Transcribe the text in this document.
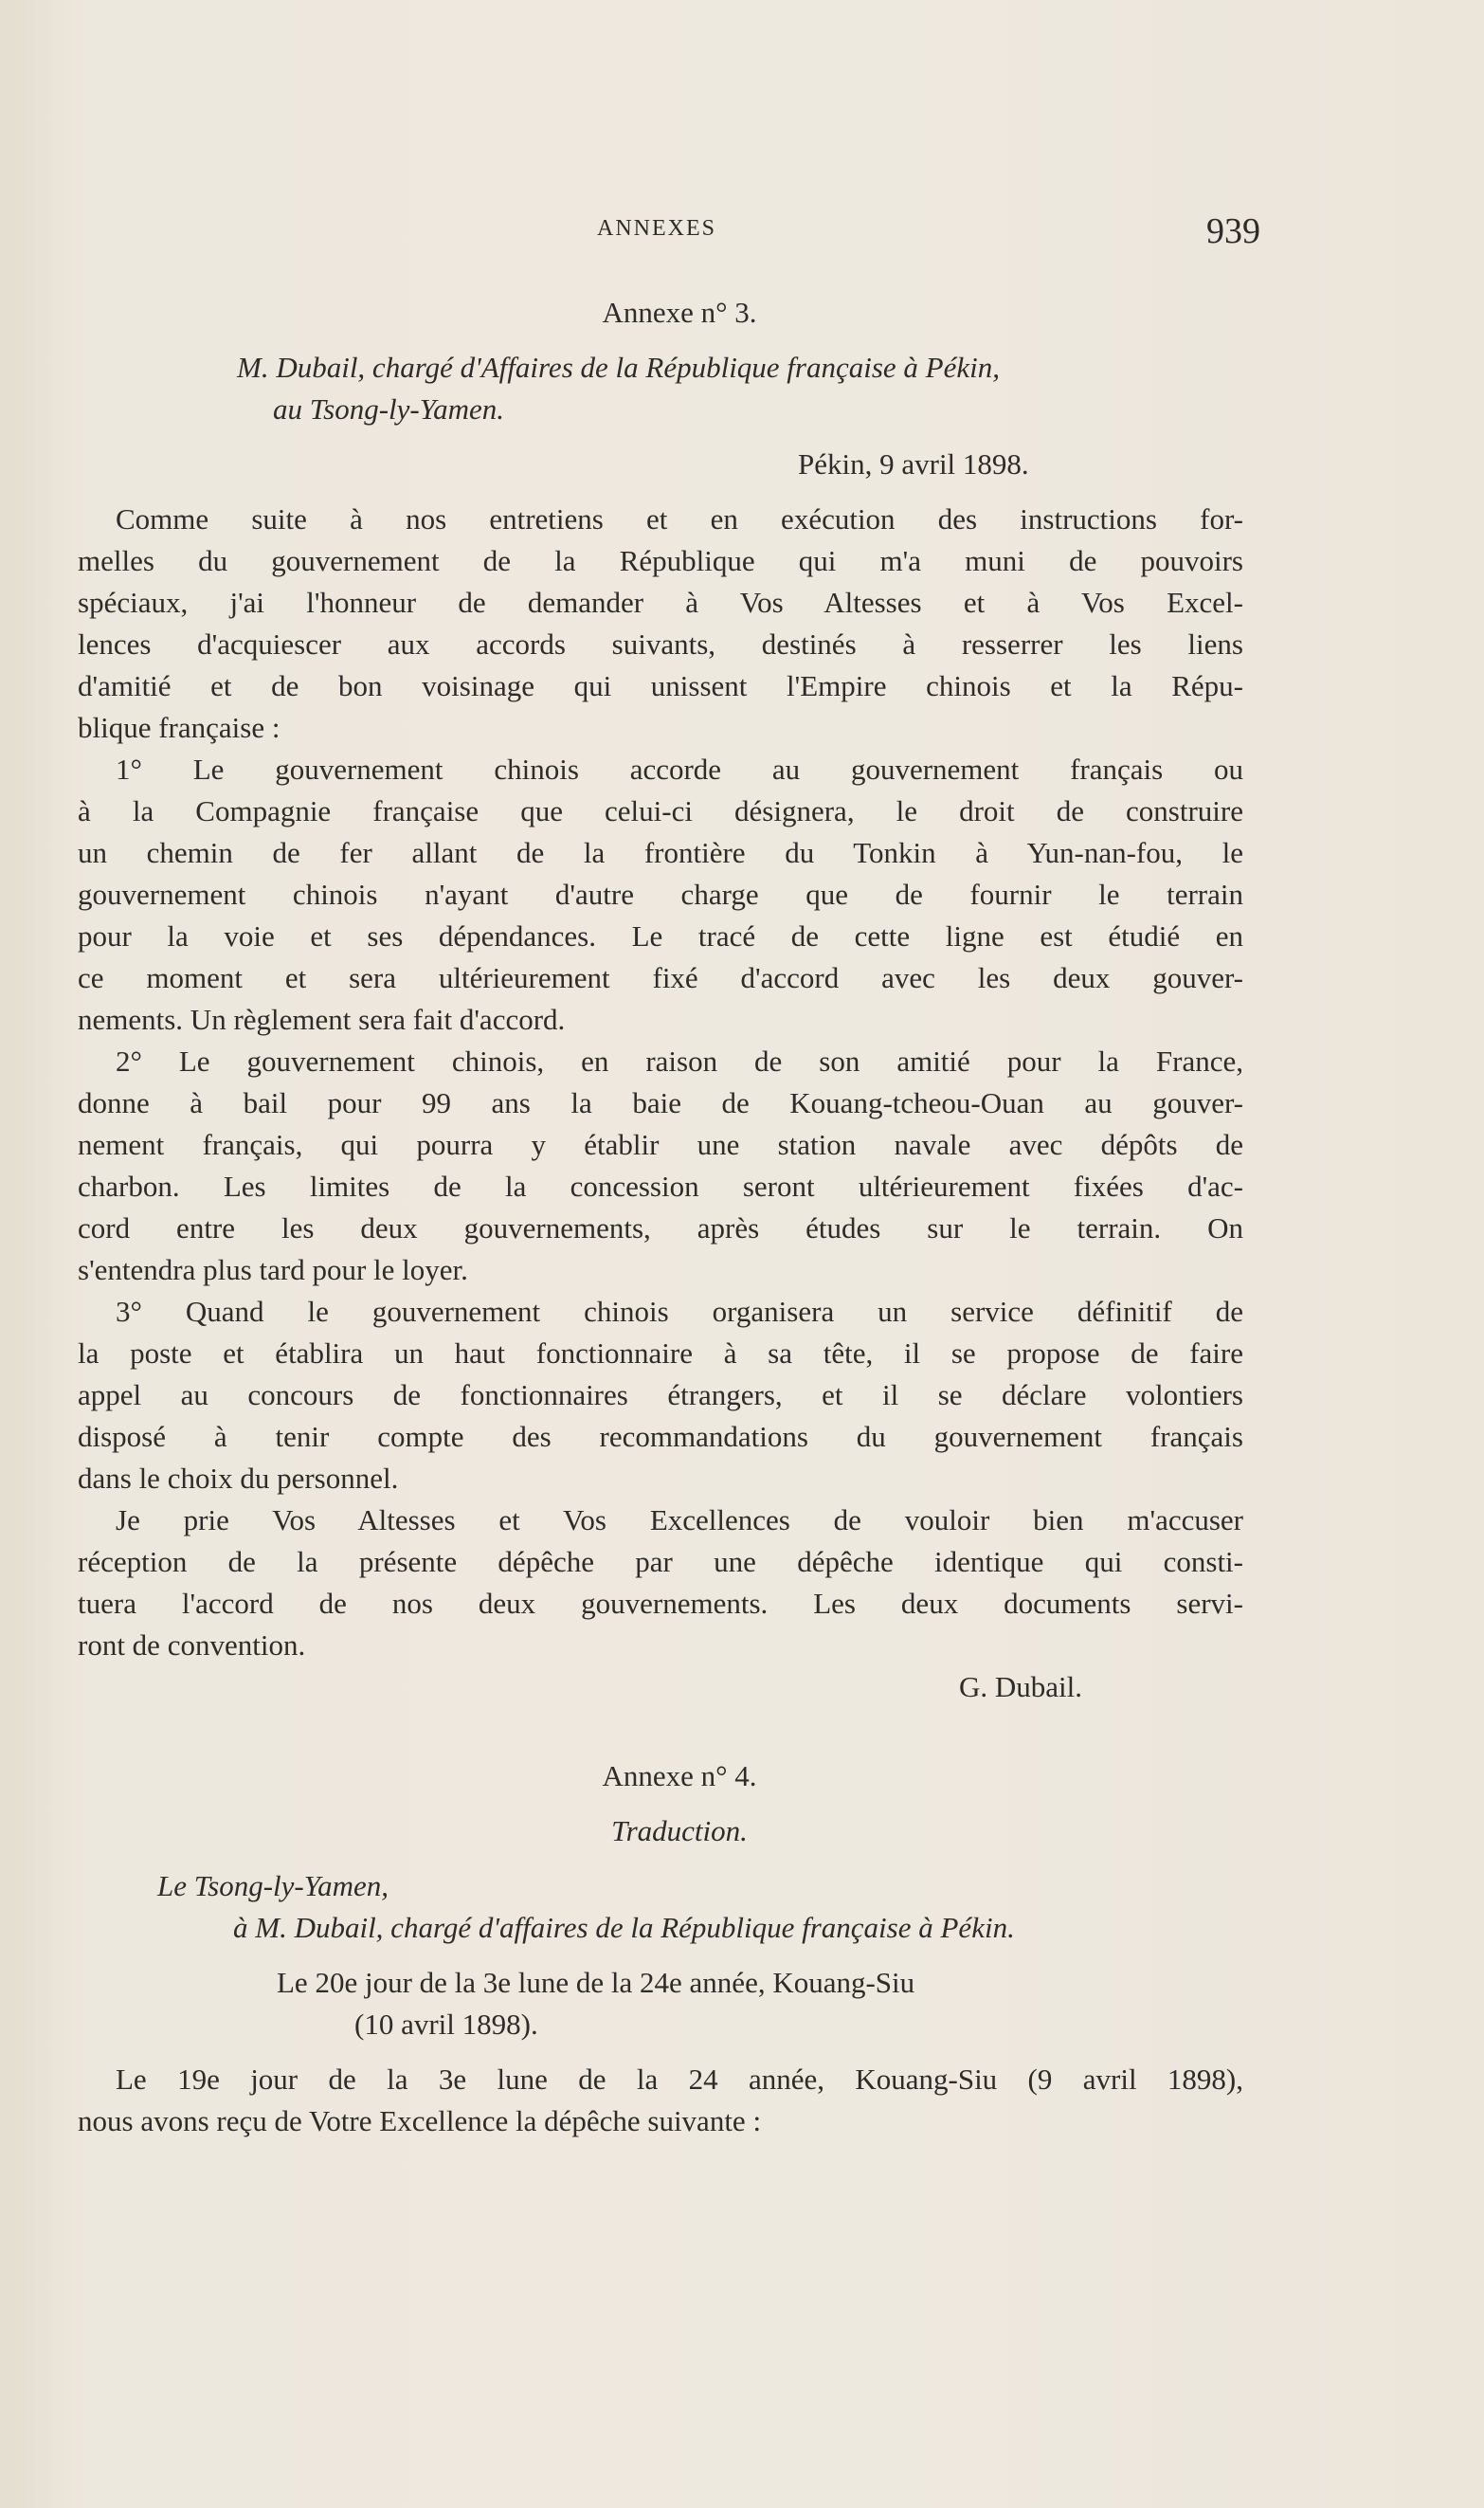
ANNEXES	939
Annexe n° 3.
M. Dubail, chargé d'Affaires de la République française à Pékin,
au Tsong-ly-Yamen.
Pékin, 9 avril 1898.
Comme suite à nos entretiens et en exécution des instructions for-
melles du gouvernement de la République qui m'a muni de pouvoirs
spéciaux, j'ai l'honneur de demander à Vos Altesses et à Vos Excel-
lences d'acquiescer aux accords suivants, destinés à resserrer les liens
d'amitié et de bon voisinage qui unissent l'Empire chinois et la Répu-
blique française :
1° Le gouvernement chinois accorde au gouvernement français ou
à la Compagnie française que celui-ci désignera, le droit de construire
un chemin de fer allant de la frontière du Tonkin à Yun-nan-fou, le
gouvernement chinois n'ayant d'autre charge que de fournir le terrain
pour la voie et ses dépendances. Le tracé de cette ligne est étudié en
ce moment et sera ultérieurement fixé d'accord avec les deux gouver-
nements. Un règlement sera fait d'accord.
2° Le gouvernement chinois, en raison de son amitié pour la France,
donne à bail pour 99 ans la baie de Kouang-tcheou-Ouan au gouver-
nement français, qui pourra y établir une station navale avec dépôts de
charbon. Les limites de la concession seront ultérieurement fixées d'ac-
cord entre les deux gouvernements, après études sur le terrain. On
s'entendra plus tard pour le loyer.
3° Quand le gouvernement chinois organisera un service définitif de
la poste et établira un haut fonctionnaire à sa tête, il se propose de faire
appel au concours de fonctionnaires étrangers, et il se déclare volontiers
disposé à tenir compte des recommandations du gouvernement français
dans le choix du personnel.
Je prie Vos Altesses et Vos Excellences de vouloir bien m'accuser
réception de la présente dépêche par une dépêche identique qui consti-
tuera l'accord de nos deux gouvernements. Les deux documents servi-
ront de convention.
G. Dubail.
Annexe n° 4.
Traduction.
Le Tsong-ly-Yamen,
à M. Dubail, chargé d'affaires de la République française à Pékin.
Le 20e jour de la 3e lune de la 24e année, Kouang-Siu
(10 avril 1898).
Le 19e jour de la 3e lune de la 24 année, Kouang-Siu (9 avril 1898),
nous avons reçu de Votre Excellence la dépêche suivante :
